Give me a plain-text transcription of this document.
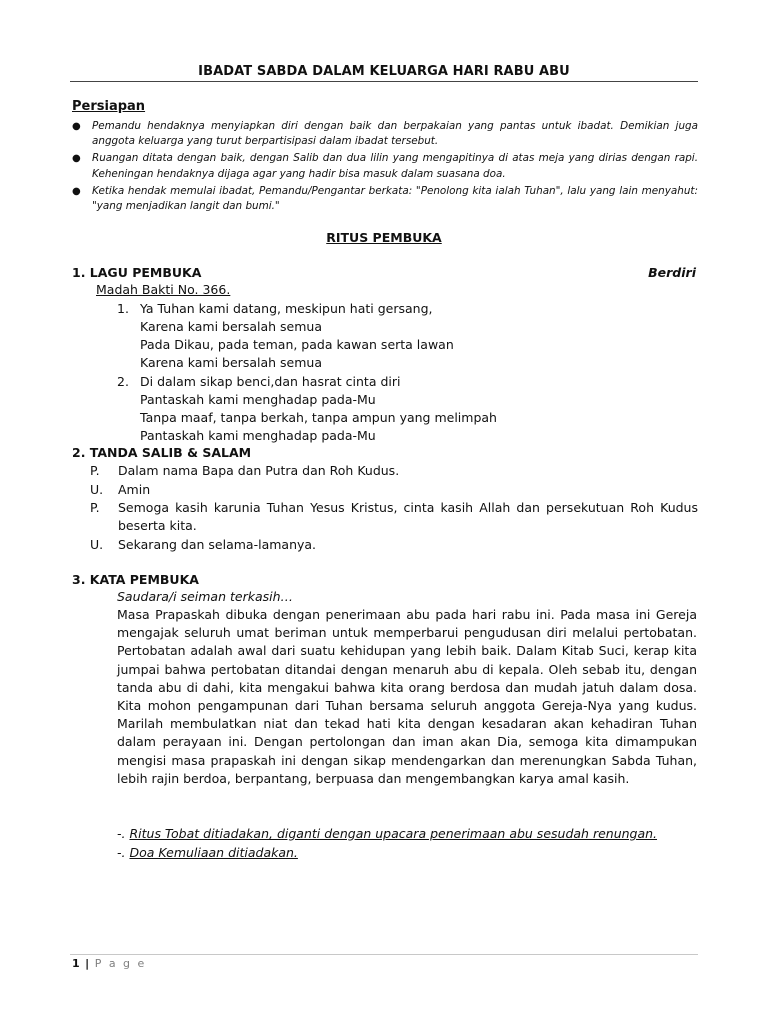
IBADAT SABDA DALAM KELUARGA HARI RABU ABU
Persiapan
● Pemandu hendaknya menyiapkan diri dengan baik dan berpakaian yang pantas untuk ibadat. Demikian juga anggota keluarga yang turut berpartisipasi dalam ibadat tersebut.
● Ruangan ditata dengan baik, dengan Salib dan dua lilin yang mengapitinya di atas meja yang dirias dengan rapi. Keheningan hendaknya dijaga agar yang hadir bisa masuk dalam suasana doa.
● Ketika hendak memulai ibadat, Pemandu/Pengantar berkata: "Penolong kita ialah Tuhan", lalu yang lain menyahut: "yang menjadikan langit dan bumi."
RITUS PEMBUKA
1. LAGU PEMBUKA	Berdiri
Madah Bakti No. 366.
1. Ya Tuhan kami datang, meskipun hati gersang,
Karena kami bersalah semua
Pada Dikau, pada teman, pada kawan serta lawan
Karena kami bersalah semua
2. Di dalam sikap benci,dan hasrat cinta diri
Pantaskah kami menghadap pada-Mu
Tanpa maaf, tanpa berkah, tanpa ampun yang melimpah
Pantaskah kami menghadap pada-Mu
2. TANDA SALIB & SALAM
P. Dalam nama Bapa dan Putra dan Roh Kudus.
U. Amin
P. Semoga kasih karunia Tuhan Yesus Kristus, cinta kasih Allah dan persekutuan Roh Kudus beserta kita.
U. Sekarang dan selama-lamanya.
3. KATA PEMBUKA
Saudara/i seiman terkasih…
Masa Prapaskah dibuka dengan penerimaan abu pada hari rabu ini. Pada masa ini Gereja mengajak seluruh umat beriman untuk memperbarui pengudusan diri melalui pertobatan. Pertobatan adalah awal dari suatu kehidupan yang lebih baik. Dalam Kitab Suci, kerap kita jumpai bahwa pertobatan ditandai dengan menaruh abu di kepala. Oleh sebab itu, dengan tanda abu di dahi, kita mengakui bahwa kita orang berdosa dan mudah jatuh dalam dosa. Kita mohon pengampunan dari Tuhan bersama seluruh anggota Gereja-Nya yang kudus. Marilah membulatkan niat dan tekad hati kita dengan kesadaran akan kehadiran Tuhan dalam perayaan ini. Dengan pertolongan dan iman akan Dia, semoga kita dimampukan mengisi masa prapaskah ini dengan sikap mendengarkan dan merenungkan Sabda Tuhan, lebih rajin berdoa, berpantang, berpuasa dan mengembangkan karya amal kasih.
-. Ritus Tobat ditiadakan, diganti dengan upacara penerimaan abu sesudah renungan.
-. Doa Kemuliaan ditiadakan.
1 | P a g e
